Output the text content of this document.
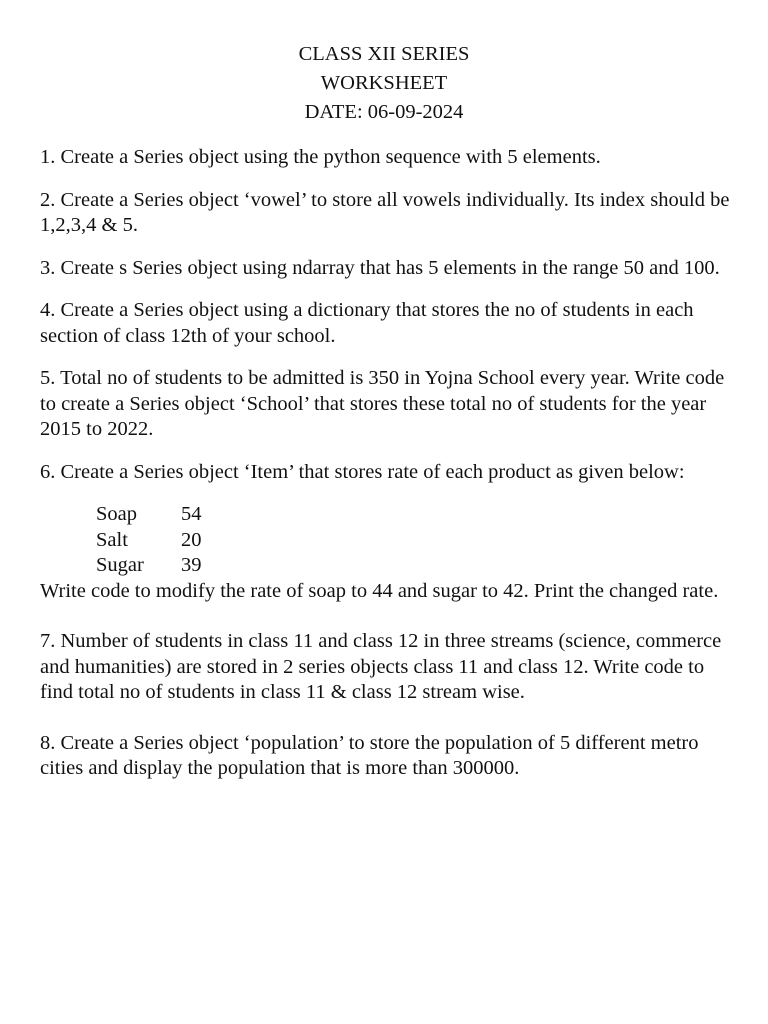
CLASS XII SERIES
WORKSHEET
DATE: 06-09-2024

1. Create a Series object using the python sequence with 5 elements.

2. Create a Series object ‘vowel’ to store all vowels individually. Its index should be 1,2,3,4 & 5.

3. Create s Series object using ndarray that has 5 elements in the range 50 and 100.

4. Create a Series object using a dictionary that stores the no of students in each section of class 12th of your school.

5. Total no of students to be admitted is 350 in Yojna School every year. Write code to create a Series object ‘School’ that stores these total no of students for the year 2015 to 2022.

6. Create a Series object ‘Item’ that stores rate of each product as given below:

Soap	54
Salt	20
Sugar	39

Write code to modify the rate of soap to 44 and sugar to 42. Print the changed rate.

7. Number of students in class 11 and class 12 in three streams (science, commerce and humanities) are stored in 2 series objects class 11 and class 12. Write code to find total no of students in class 11 & class 12 stream wise.

8. Create a Series object ‘population’ to store the population of 5 different metro cities and display the population that is more than 300000.
